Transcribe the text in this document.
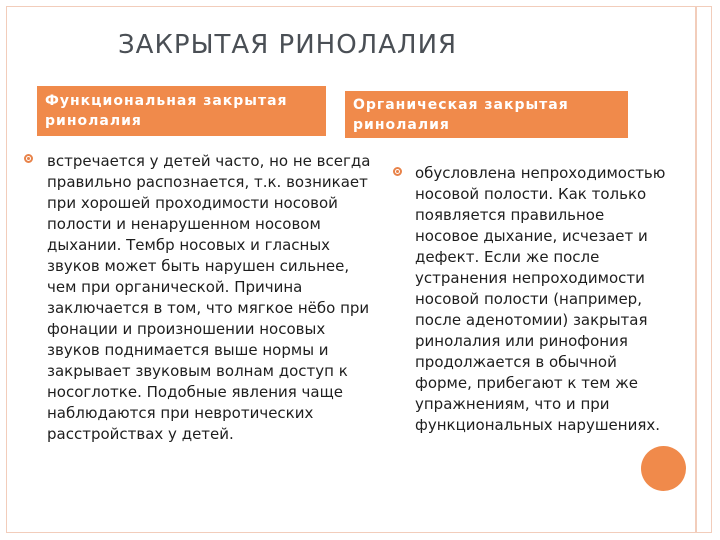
ЗАКРЫТАЯ РИНОЛАЛИЯ
Функциональная закрытая ринолалия
Органическая закрытая ринолалия
встречается у детей часто, но не всегда правильно распознается, т.к. возникает при хорошей проходимости носовой полости и ненарушенном носовом дыхании. Тембр носовых и гласных звуков может быть нарушен сильнее, чем при органической. Причина заключается в том, что мягкое нёбо при фонации и произношении носовых звуков поднимается выше нормы и закрывает звуковым волнам доступ к носоглотке. Подобные явления чаще наблюдаются при невротических расстройствах у детей.
обусловлена непроходимостью носовой полости. Как только появляется правильное носовое дыхание, исчезает и дефект. Если же после устранения непроходимости носовой полости (например, после аденотомии) закрытая ринолалия или ринофония продолжается в обычной форме, прибегают к тем же упражнениям, что и при функциональных нарушениях.
